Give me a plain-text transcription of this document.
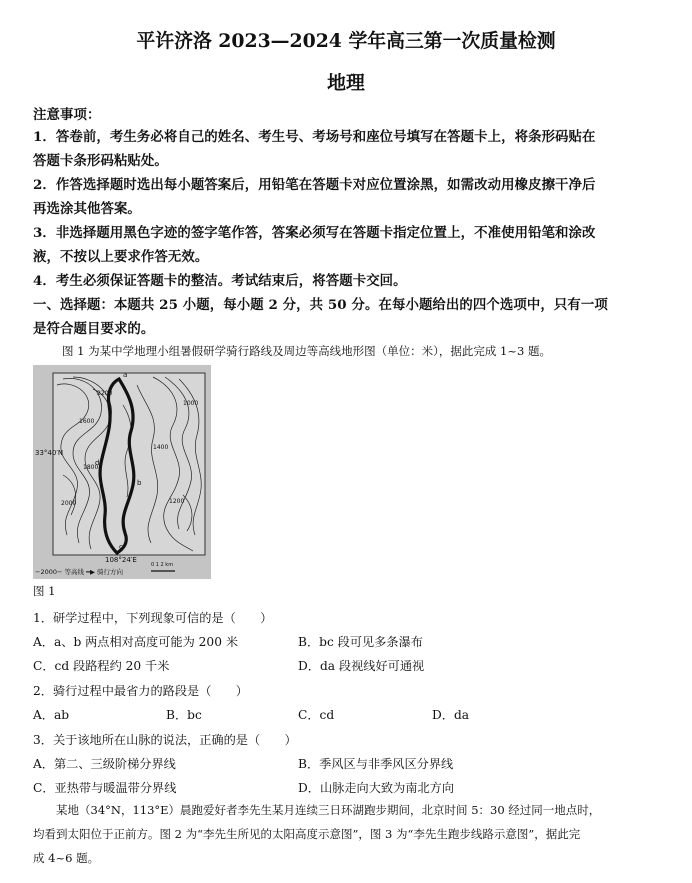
平许济洛 2023—2024 学年高三第一次质量检测
地理
注意事项：
1．答卷前，考生务必将自己的姓名、考生号、考场号和座位号填写在答题卡上，将条形码贴在
答题卡条形码粘贴处。
2．作答选择题时选出每小题答案后，用铅笔在答题卡对应位置涂黑，如需改动用橡皮擦干净后
再选涂其他答案。
3．非选择题用黑色字迹的签字笔作答，答案必须写在答题卡指定位置上，不准使用铅笔和涂改
液，不按以上要求作答无效。
4．考生必须保证答题卡的整洁。考试结束后，将答题卡交回。
一、选择题：本题共 25 小题，每小题 2 分，共 50 分。在每小题给出的四个选项中，只有一项
是符合题目要求的。
图 1 为某中学地理小组暑假研学骑行路线及周边等高线地形图（单位：米），据此完成 1~3 题。
33°40′N
108°24′E
1600
1800
1400
1200
2000
1000
2200
a
b
c
d
−2000− 等高线 ━▶ 骑行方向
0 1 2 km
图 1
1．研学过程中，下列现象可信的是（　　）
A．a、b 两点相对高度可能为 200 米	B．bc 段可见多条瀑布
C．cd 段路程约 20 千米	D．da 段视线好可通视
2．骑行过程中最省力的路段是（　　）
A．ab	B．bc	C．cd	D．da
3．关于该地所在山脉的说法，正确的是（　　）
A．第二、三级阶梯分界线	B．季风区与非季风区分界线
C．亚热带与暖温带分界线	D．山脉走向大致为南北方向
　　某地（34°N，113°E）晨跑爱好者李先生某月连续三日环湖跑步期间，北京时间 5：30 经过同一地点时，
均看到太阳位于正前方。图 2 为“李先生所见的太阳高度示意图”，图 3 为“李先生跑步线路示意图”，据此完
成 4~6 题。
